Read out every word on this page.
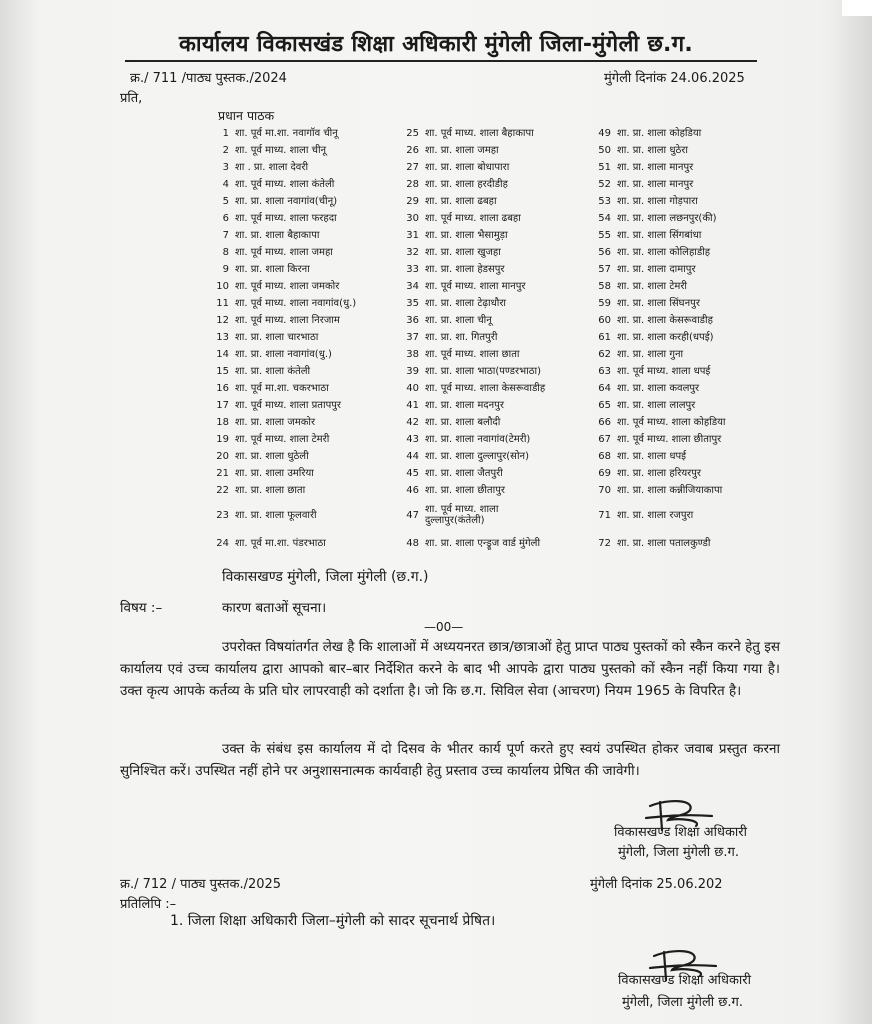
कार्यालय विकासखंड शिक्षा अधिकारी मुंगेली जिला-मुंगेली छ.ग.
क्र./ 711 /पाठ्य पुस्तक./2024	मुंगेली दिनांक 24.06.2025
प्रति,
प्रधान पाठक
1 शा. पूर्व मा.शा. नवागॉव चीनू
2 शा. पूर्व माध्य. शाला चीनू
3 शा . प्रा. शाला देवरी
4 शा. पूर्व माध्य. शाला कंतेली
5 शा. प्रा. शाला नवागांव(चीनू)
6 शा. पूर्व माध्य. शाला फरहदा
7 शा. प्रा. शाला बैहाकापा
8 शा. पूर्व माध्य. शाला जमहा
9 शा. प्रा. शाला किरना
10 शा. पूर्व माध्य. शाला जमकोर
11 शा. पूर्व माध्य. शाला नवागांव(धु.)
12 शा. पूर्व माध्य. शाला निरजाम
13 शा. प्रा. शाला चारभाठा
14 शा. प्रा. शाला नवागांव(धु.)
15 शा. प्रा. शाला कंतेली
16 शा. पूर्व मा.शा. चकरभाठा
17 शा. पूर्व माध्य. शाला प्रतापपुर
18 शा. प्रा. शाला जमकोर
19 शा. पूर्व माध्य. शाला टेमरी
20 शा. प्रा. शाला धुठेली
21 शा. प्रा. शाला उमरिया
22 शा. प्रा. शाला छाता
23 शा. प्रा. शाला फूलवारी
24 शा. पूर्व मा.शा. पंडरभाठा
25 शा. पूर्व माध्य. शाला बैहाकापा
26 शा. प्रा. शाला जमहा
27 शा. प्रा. शाला बोधापारा
28 शा. प्रा. शाला हरदीडीह
29 शा. प्रा. शाला ढबहा
30 शा. पूर्व माध्य. शाला ढबहा
31 शा. प्रा. शाला भैसामुड़ा
32 शा. प्रा. शाला खुजहा
33 शा. प्रा. शाला हेडसपुर
34 शा. पूर्व माध्य. शाला मानपुर
35 शा. प्रा. शाला टेढ़ाधौरा
36 शा. प्रा. शाला चीनू
37 शा. प्रा. शा. गितपुरी
38 शा. पूर्व माध्य. शाला छाता
39 शा. प्रा. शाला भाठा(पण्डरभाठा)
40 शा. पूर्व माध्य. शाला केसरूवाडीह
41 शा. प्रा. शाला मदनपुर
42 शा. प्रा. शाला बलौदी
43 शा. प्रा. शाला नवागांव(टेमरी)
44 शा. प्रा. शाला दुल्लापुर(सोन)
45 शा. प्रा. शाला जैतपुरी
46 शा. प्रा. शाला छीतापुर
47
शा. पूर्व माध्य. शाला
दुल्लापुर(कंतेली)
48 शा. प्रा. शाला एन्ड्रूज वार्ड मुंगेली
49 शा. प्रा. शाला कोहडिया
50 शा. प्रा. शाला धुठेरा
51 शा. प्रा. शाला मानपुर
52 शा. प्रा. शाला मानपुर
53 शा. प्रा. शाला गोड़पारा
54 शा. प्रा. शाला लछनपुर(की)
55 शा. प्रा. शाला सिंगबांधा
56 शा. प्रा. शाला कोलिहाडीह
57 शा. प्रा. शाला दामापुर
58 शा. प्रा. शाला टेमरी
59 शा. प्रा. शाला सिंघनपुर
60 शा. प्रा. शाला केसरूवाडीह
61 शा. प्रा. शाला करही(धपई)
62 शा. प्रा. शाला गुना
63 शा. पूर्व माध्य. शाला धपई
64 शा. प्रा. शाला कवलपुर
65 शा. प्रा. शाला लालपुर
66 शा. पूर्व माध्य. शाला कोहडिया
67 शा. पूर्व माध्य. शाला छीतापुर
68 शा. प्रा. शाला धपई
69 शा. प्रा. शाला हरियरपुर
70 शा. प्रा. शाला कन्नीजियाकापा
71 शा. प्रा. शाला रजपुरा
72 शा. प्रा. शाला पतालकुण्डी
विकासखण्ड मुंगेली, जिला मुंगेली (छ.ग.)
विषय :–	कारण बताओं सूचना।
—00—
उपरोक्त विषयांतर्गत लेख है कि शालाओं में अध्ययनरत छात्र/छात्राओं हेतु प्राप्त पाठ्य पुस्तकों को स्कैन करने हेतु इस कार्यालय एवं उच्च कार्यालय द्वारा आपको बार–बार निर्देशित करने के बाद भी आपके द्वारा पाठ्य पुस्तको कों स्कैन नहीं किया गया है। उक्त कृत्य आपके कर्तव्य के प्रति घोर लापरवाही को दर्शाता है। जो कि छ.ग. सिविल सेवा (आचरण) नियम 1965 के विपरित है।
उक्त के संबंध इस कार्यालय में दो दिसव के भीतर कार्य पूर्ण करते हुए स्वयं उपस्थित होकर जवाब प्रस्तुत करना सुनिश्चित करें। उपस्थित नहीं होने पर अनुशासनात्मक कार्यवाही हेतु प्रस्ताव उच्च कार्यालय प्रेषित की जावेगी।
विकासखण्ड शिक्षा अधिकारी
मुंगेली, जिला मुंगेली छ.ग.
क्र./ 712 / पाठ्य पुस्तक./2025	मुंगेली दिनांक 25.06.202
प्रतिलिपि :–
1. जिला शिक्षा अधिकारी जिला–मुंगेली को सादर सूचनार्थ प्रेषित।
विकासखण्ड शिक्षा अधिकारी
मुंगेली, जिला मुंगेली छ.ग.
